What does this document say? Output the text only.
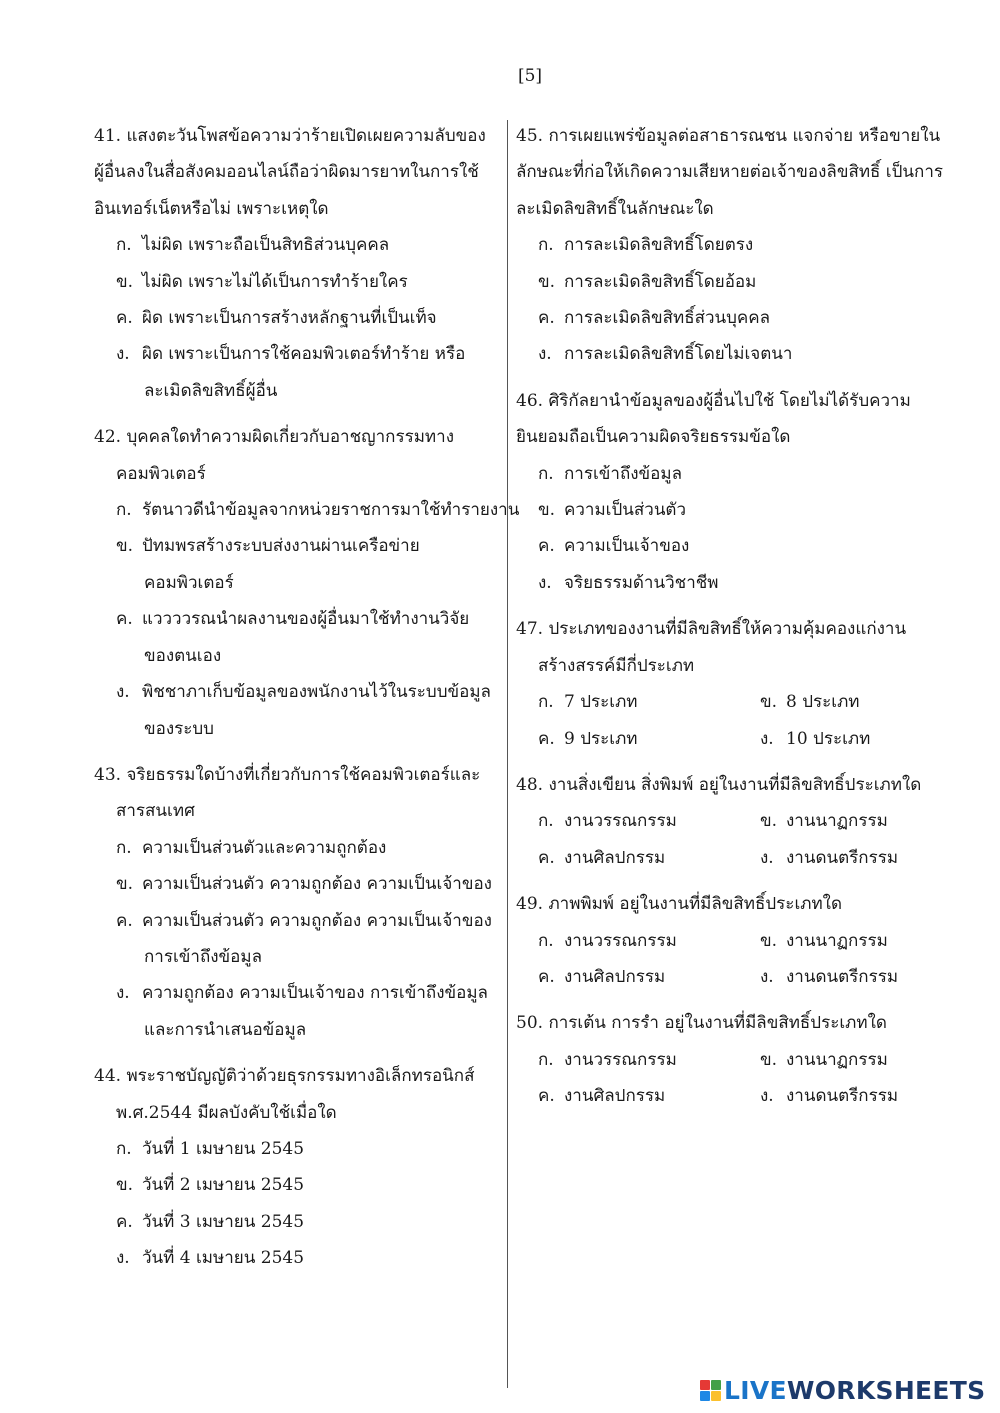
[5]
41. แสงตะวันโพสข้อความว่าร้ายเปิดเผยความลับของ
ผู้อื่นลงในสื่อสังคมออนไลน์ถือว่าผิดมารยาทในการใช้
อินเทอร์เน็ตหรือไม่ เพราะเหตุใด
ก. ไม่ผิด เพราะถือเป็นสิทธิส่วนบุคคล
ข. ไม่ผิด เพราะไม่ได้เป็นการทำร้ายใคร
ค. ผิด เพราะเป็นการสร้างหลักฐานที่เป็นเท็จ
ง. ผิด เพราะเป็นการใช้คอมพิวเตอร์ทำร้าย หรือ
ละเมิดลิขสิทธิ์ผู้อื่น
42. บุคคลใดทำความผิดเกี่ยวกับอาชญากรรมทาง
คอมพิวเตอร์
ก. รัตนาวดีนำข้อมูลจากหน่วยราชการมาใช้ทำรายงาน
ข. ปัทมพรสร้างระบบส่งงานผ่านเครือข่าย
คอมพิวเตอร์
ค. แววววรณนำผลงานของผู้อื่นมาใช้ทำงานวิจัย
ของตนเอง
ง. พิชชาภาเก็บข้อมูลของพนักงานไว้ในระบบข้อมูล
ของระบบ
43. จริยธรรมใดบ้างที่เกี่ยวกับการใช้คอมพิวเตอร์และ
สารสนเทศ
ก. ความเป็นส่วนตัวและความถูกต้อง
ข. ความเป็นส่วนตัว ความถูกต้อง ความเป็นเจ้าของ
ค. ความเป็นส่วนตัว ความถูกต้อง ความเป็นเจ้าของ
การเข้าถึงข้อมูล
ง. ความถูกต้อง ความเป็นเจ้าของ การเข้าถึงข้อมูล
และการนำเสนอข้อมูล
44. พระราชบัญญัติว่าด้วยธุรกรรมทางอิเล็กทรอนิกส์
พ.ศ.2544 มีผลบังคับใช้เมื่อใด
ก. วันที่ 1 เมษายน 2545
ข. วันที่ 2 เมษายน 2545
ค. วันที่ 3 เมษายน 2545
ง. วันที่ 4 เมษายน 2545
45. การเผยแพร่ข้อมูลต่อสาธารณชน แจกจ่าย หรือขายใน
ลักษณะที่ก่อให้เกิดความเสียหายต่อเจ้าของลิขสิทธิ์ เป็นการ
ละเมิดลิขสิทธิ์ในลักษณะใด
ก. การละเมิดลิขสิทธิ์โดยตรง
ข. การละเมิดลิขสิทธิ์โดยอ้อม
ค. การละเมิดลิขสิทธิ์ส่วนบุคคล
ง. การละเมิดลิขสิทธิ์โดยไม่เจตนา
46. ศิริกัลยานำข้อมูลของผู้อื่นไปใช้ โดยไม่ได้รับความ
ยินยอมถือเป็นความผิดจริยธรรมข้อใด
ก. การเข้าถึงข้อมูล
ข. ความเป็นส่วนตัว
ค. ความเป็นเจ้าของ
ง. จริยธรรมด้านวิชาชีพ
47. ประเภทของงานที่มีลิขสิทธิ์ให้ความคุ้มคองแก่งาน
สร้างสรรค์มีกี่ประเภท
ก. 7 ประเภท	ข. 8 ประเภท
ค. 9 ประเภท	ง. 10 ประเภท
48. งานสิ่งเขียน สิ่งพิมพ์ อยู่ในงานที่มีลิขสิทธิ์ประเภทใด
ก. งานวรรณกรรม	ข. งานนาฏกรรม
ค. งานศิลปกรรม	ง. งานดนตรีกรรม
49. ภาพพิมพ์ อยู่ในงานที่มีลิขสิทธิ์ประเภทใด
ก. งานวรรณกรรม	ข. งานนาฏกรรม
ค. งานศิลปกรรม	ง. งานดนตรีกรรม
50. การเต้น การรำ อยู่ในงานที่มีลิขสิทธิ์ประเภทใด
ก. งานวรรณกรรม	ข. งานนาฏกรรม
ค. งานศิลปกรรม	ง. งานดนตรีกรรม
LIVE WORKSHEETS
